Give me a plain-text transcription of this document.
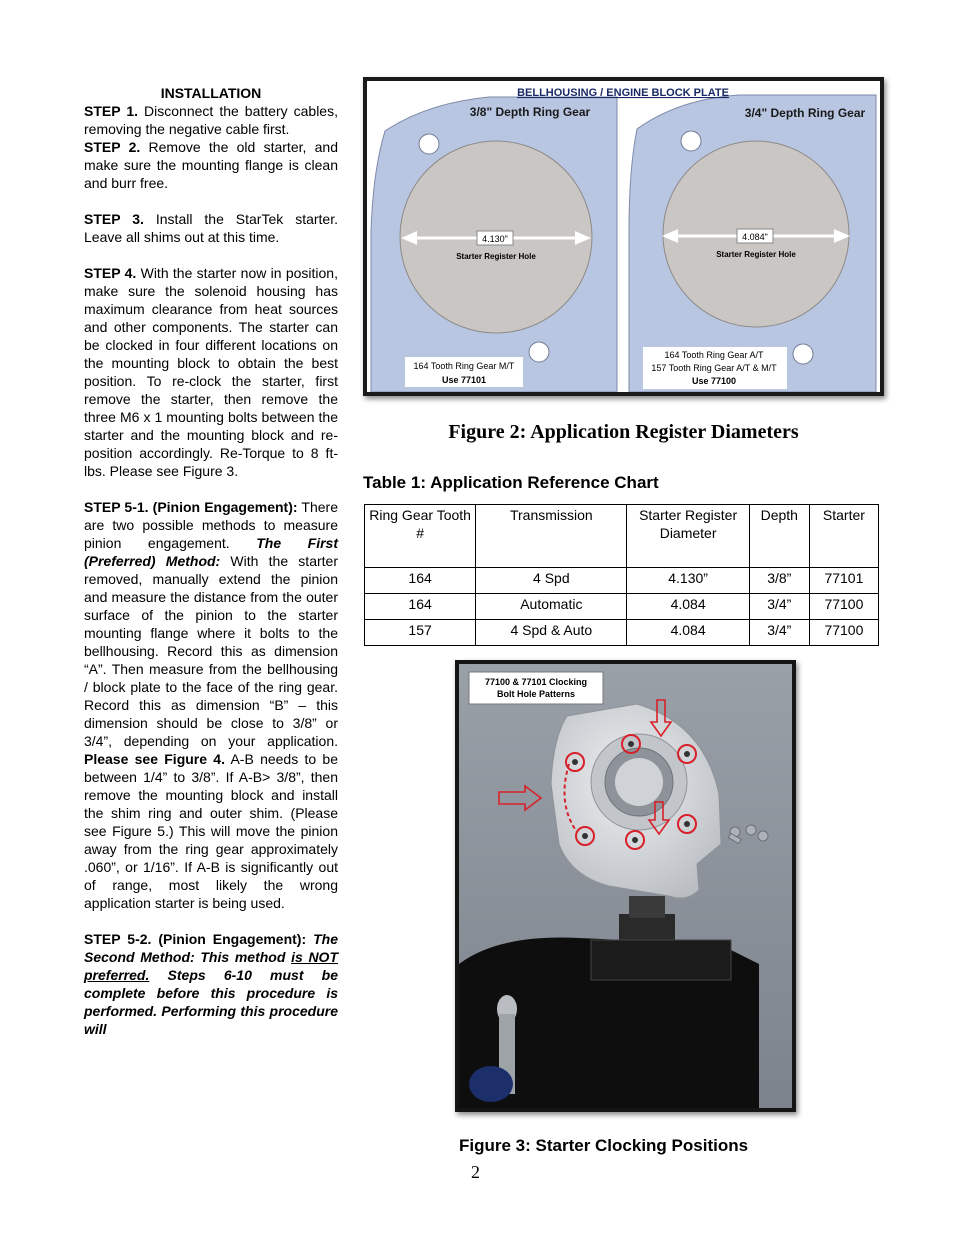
INSTALLATION

STEP 1. Disconnect the battery cables, removing the negative cable first.

STEP 2. Remove the old starter, and make sure the mounting flange is clean and burr free.

STEP 3. Install the StarTek starter. Leave all shims out at this time.

STEP 4. With the starter now in position, make sure the solenoid housing has maximum clearance from heat sources and other components. The starter can be clocked in four different locations on the mounting block to obtain the best position. To re-clock the starter, first remove the starter, then remove the three M6 x 1 mounting bolts between the starter and the mounting block and re-position accordingly. Re-Torque to 8 ft-lbs. Please see Figure 3.

STEP 5-1. (Pinion Engagement): There are two possible methods to measure pinion engagement. The First (Preferred) Method: With the starter removed, manually extend the pinion and measure the distance from the outer surface of the pinion to the starter mounting flange where it bolts to the bellhousing. Record this as dimension “A”. Then measure from the bellhousing / block plate to the face of the ring gear. Record this as dimension “B” – this dimension should be close to 3/8” or 3/4”, depending on your application. Please see Figure 4. A-B needs to be between 1/4” to 3/8”. If A-B> 3/8”, then remove the mounting block and install the shim ring and outer shim. (Please see Figure 5.) This will move the pinion away from the ring gear approximately .060”, or 1/16”. If A-B is significantly out of range, most likely the wrong application starter is being used.

STEP 5-2. (Pinion Engagement): The Second Method: This method is NOT preferred. Steps 6-10 must be complete before this procedure is performed. Performing this procedure will

BELLHOUSING / ENGINE BLOCK PLATE
3/8" Depth Ring Gear	3/4" Depth Ring Gear
4.130"
Starter Register Hole
4.084"
Starter Register Hole
164 Tooth Ring Gear M/T
Use 77101
164 Tooth Ring Gear A/T
157 Tooth Ring Gear A/T & M/T
Use 77100
Figure 2: Application Register Diameters
Table 1: Application Reference Chart
Ring Gear Tooth #	Transmission	Starter Register Diameter	Depth	Starter
164	4 Spd	4.130”	3/8”	77101
164	Automatic	4.084	3/4”	77100
157	4 Spd & Auto	4.084	3/4”	77100
77100 & 77101 Clocking
Bolt Hole Patterns
Figure 3: Starter Clocking Positions
2
